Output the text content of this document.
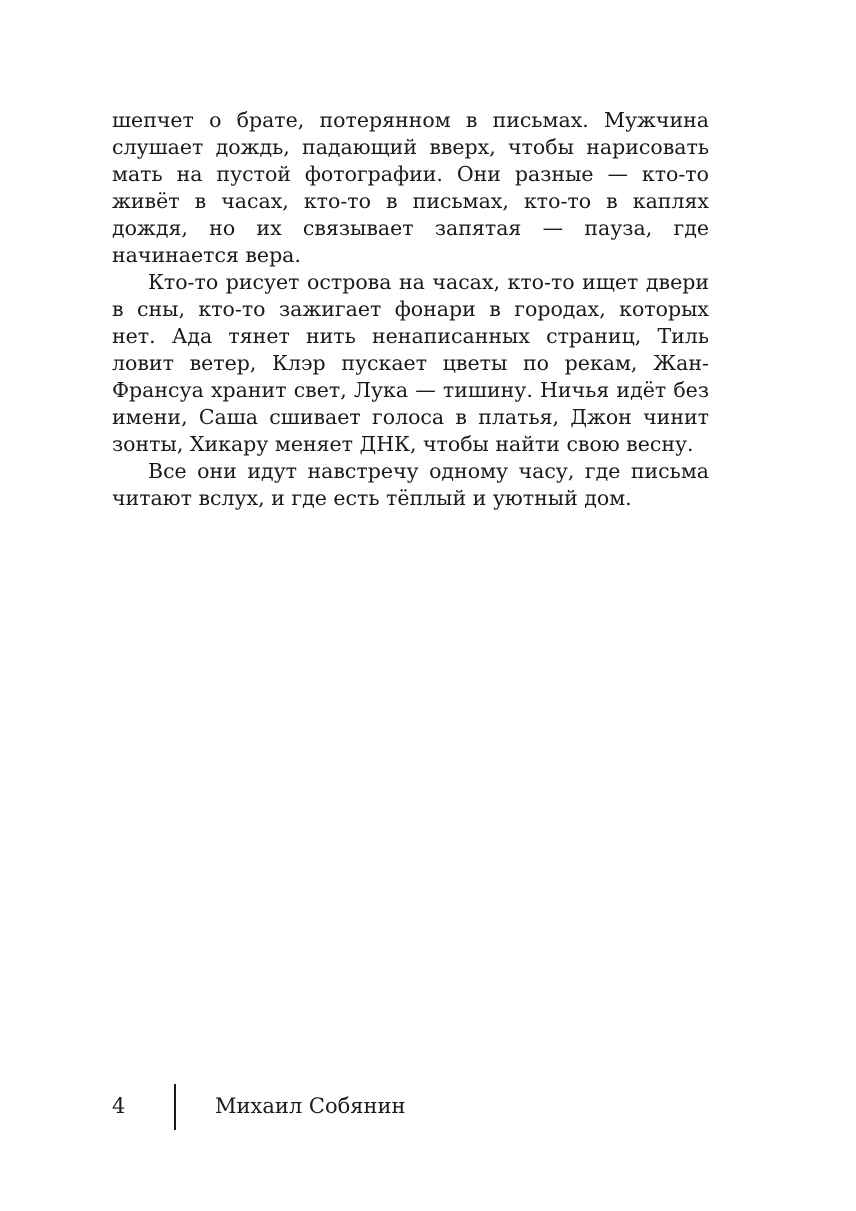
шепчет о брате, потерянном в письмах. Мужчина слушает дождь, падающий вверх, чтобы нарисовать мать на пустой фотографии. Они разные — кто-то живёт в часах, кто-то в письмах, кто-то в каплях дождя, но их связывает запятая — пауза, где начинается вера.

Кто-то рисует острова на часах, кто-то ищет двери в сны, кто-то зажигает фонари в городах, которых нет. Ада тянет нить ненаписанных страниц, Тиль ловит ветер, Клэр пускает цветы по рекам, Жан-Франсуа хранит свет, Лука — тишину. Ничья идёт без имени, Саша сшивает голоса в платья, Джон чинит зонты, Хикару меняет ДНК, чтобы найти свою весну.

Все они идут навстречу одному часу, где письма читают вслух, и где есть тёплый и уютный дом.

4	Михаил Собянин
